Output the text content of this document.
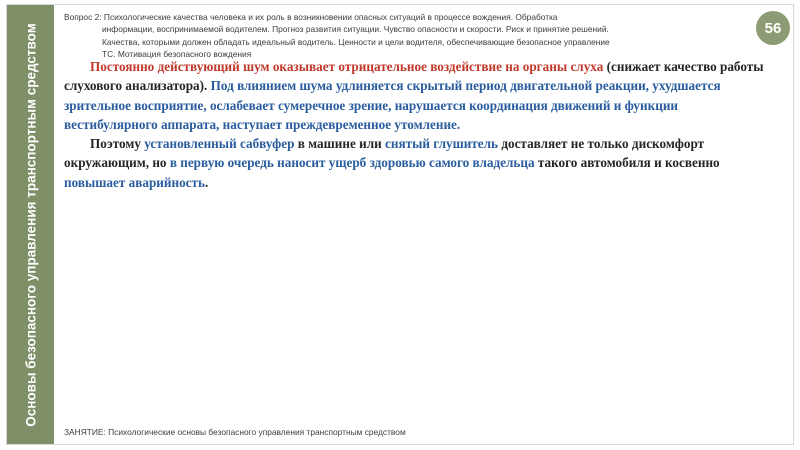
Основы безопасного управления транспортным средством
Вопрос 2: Психологические качества человека и их роль в возникновении опасных ситуаций в процессе вождения. Обработка
информации, воспринимаемой водителем. Прогноз развития ситуации. Чувство опасности и скорости. Риск и принятие решений.
Качества, которыми должен обладать идеальный водитель. Ценности и цели водителя, обеспечивающие безопасное управление
ТС. Мотивация безопасного вождения
56

Постоянно действующий шум оказывает отрицательное воздействие на органы слуха (снижает качество работы слухового анализатора). Под влиянием шума удлиняется скрытый период двигательной реакции, ухудшается зрительное восприятие, ослабевает сумеречное зрение, нарушается координация движений и функции вестибулярного аппарата, наступает преждевременное утомление.

Поэтому установленный сабвуфер в машине или снятый глушитель доставляет не только дискомфорт окружающим, но в первую очередь наносит ущерб здоровью самого владельца такого автомобиля и косвенно повышает аварийность.

ЗАНЯТИЕ: Психологические основы безопасного управления транспортным средством
